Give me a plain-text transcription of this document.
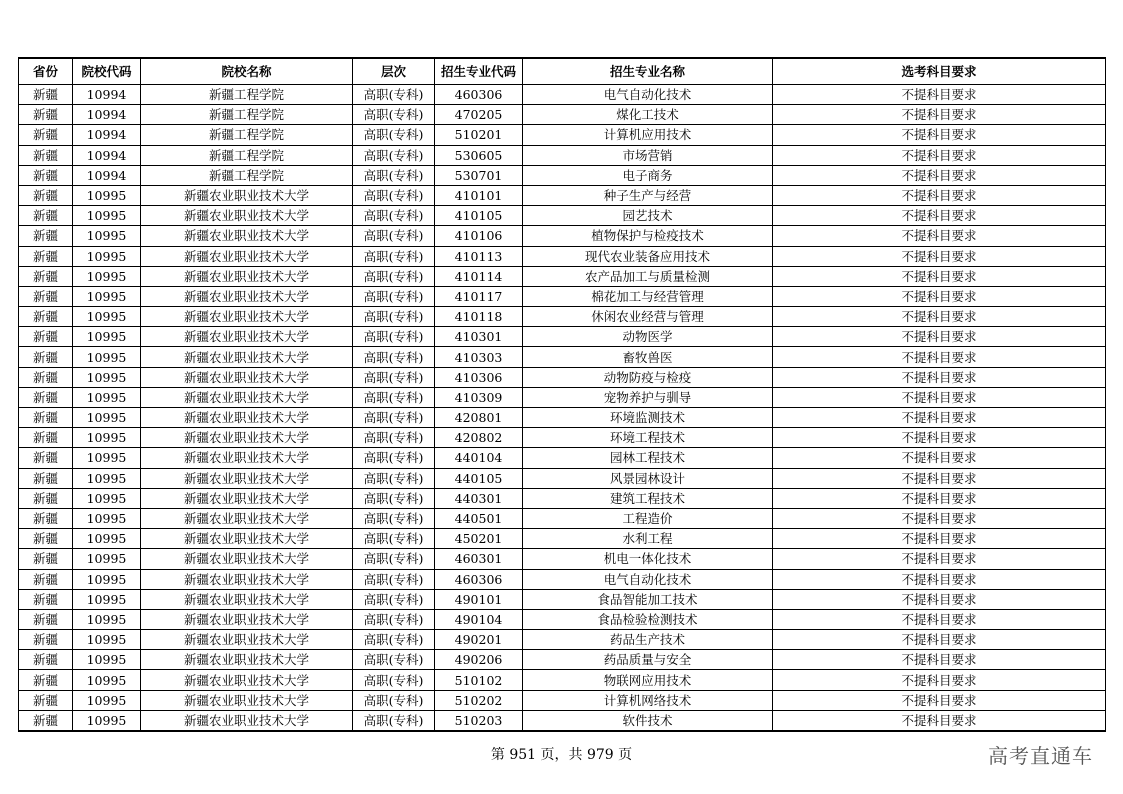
省份	院校代码	院校名称	层次	招生专业代码	招生专业名称	选考科目要求
新疆	10994	新疆工程学院	高职(专科)	460306	电气自动化技术	不提科目要求
新疆	10994	新疆工程学院	高职(专科)	470205	煤化工技术	不提科目要求
新疆	10994	新疆工程学院	高职(专科)	510201	计算机应用技术	不提科目要求
新疆	10994	新疆工程学院	高职(专科)	530605	市场营销	不提科目要求
新疆	10994	新疆工程学院	高职(专科)	530701	电子商务	不提科目要求
新疆	10995	新疆农业职业技术大学	高职(专科)	410101	种子生产与经营	不提科目要求
新疆	10995	新疆农业职业技术大学	高职(专科)	410105	园艺技术	不提科目要求
新疆	10995	新疆农业职业技术大学	高职(专科)	410106	植物保护与检疫技术	不提科目要求
新疆	10995	新疆农业职业技术大学	高职(专科)	410113	现代农业装备应用技术	不提科目要求
新疆	10995	新疆农业职业技术大学	高职(专科)	410114	农产品加工与质量检测	不提科目要求
新疆	10995	新疆农业职业技术大学	高职(专科)	410117	棉花加工与经营管理	不提科目要求
新疆	10995	新疆农业职业技术大学	高职(专科)	410118	休闲农业经营与管理	不提科目要求
新疆	10995	新疆农业职业技术大学	高职(专科)	410301	动物医学	不提科目要求
新疆	10995	新疆农业职业技术大学	高职(专科)	410303	畜牧兽医	不提科目要求
新疆	10995	新疆农业职业技术大学	高职(专科)	410306	动物防疫与检疫	不提科目要求
新疆	10995	新疆农业职业技术大学	高职(专科)	410309	宠物养护与驯导	不提科目要求
新疆	10995	新疆农业职业技术大学	高职(专科)	420801	环境监测技术	不提科目要求
新疆	10995	新疆农业职业技术大学	高职(专科)	420802	环境工程技术	不提科目要求
新疆	10995	新疆农业职业技术大学	高职(专科)	440104	园林工程技术	不提科目要求
新疆	10995	新疆农业职业技术大学	高职(专科)	440105	风景园林设计	不提科目要求
新疆	10995	新疆农业职业技术大学	高职(专科)	440301	建筑工程技术	不提科目要求
新疆	10995	新疆农业职业技术大学	高职(专科)	440501	工程造价	不提科目要求
新疆	10995	新疆农业职业技术大学	高职(专科)	450201	水利工程	不提科目要求
新疆	10995	新疆农业职业技术大学	高职(专科)	460301	机电一体化技术	不提科目要求
新疆	10995	新疆农业职业技术大学	高职(专科)	460306	电气自动化技术	不提科目要求
新疆	10995	新疆农业职业技术大学	高职(专科)	490101	食品智能加工技术	不提科目要求
新疆	10995	新疆农业职业技术大学	高职(专科)	490104	食品检验检测技术	不提科目要求
新疆	10995	新疆农业职业技术大学	高职(专科)	490201	药品生产技术	不提科目要求
新疆	10995	新疆农业职业技术大学	高职(专科)	490206	药品质量与安全	不提科目要求
新疆	10995	新疆农业职业技术大学	高职(专科)	510102	物联网应用技术	不提科目要求
新疆	10995	新疆农业职业技术大学	高职(专科)	510202	计算机网络技术	不提科目要求
新疆	10995	新疆农业职业技术大学	高职(专科)	510203	软件技术	不提科目要求
第 951 页，共 979 页	高考直通车
